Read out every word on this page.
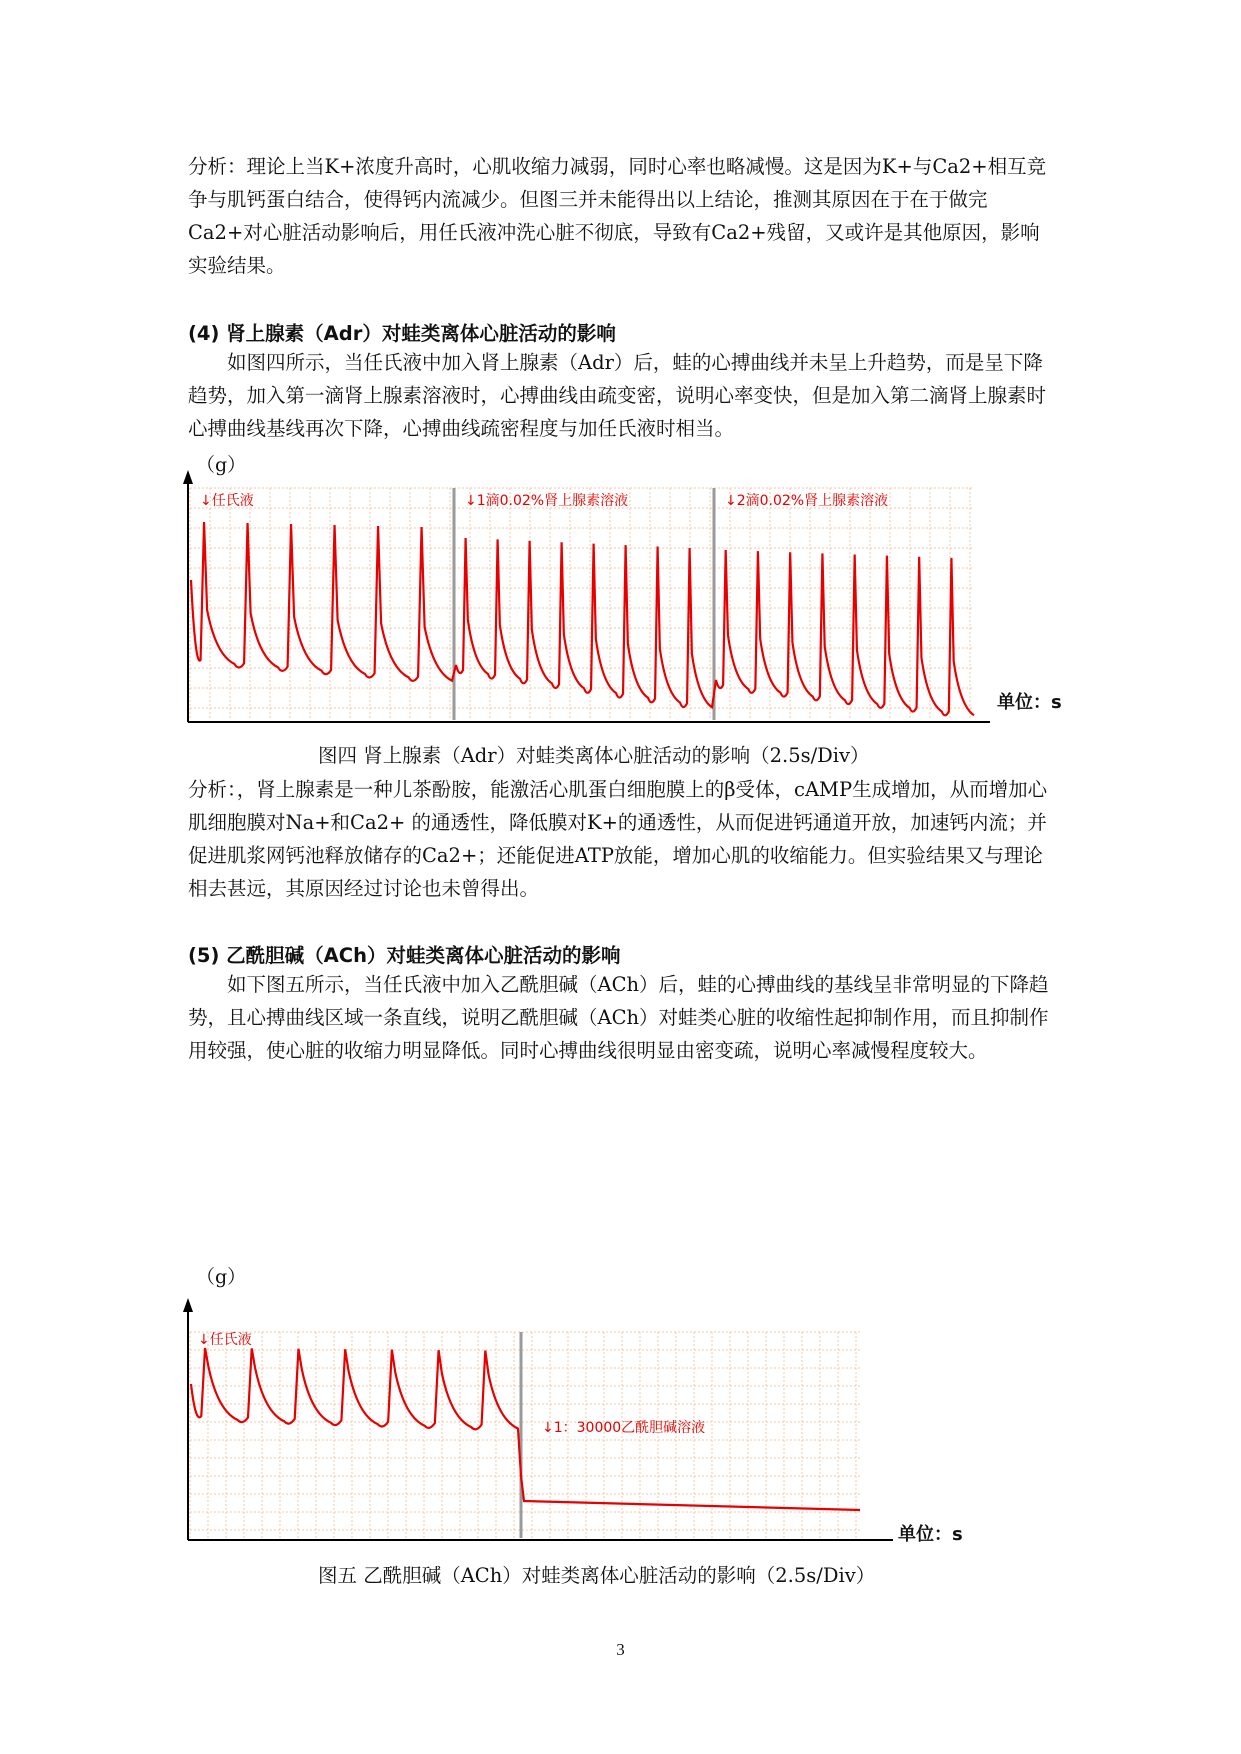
分析：理论上当K+浓度升高时，心肌收缩力减弱，同时心率也略减慢。这是因为K+与Ca2+相互竞争与肌钙蛋白结合，使得钙内流减少。但图三并未能得出以上结论，推测其原因在于在于做完Ca2+对心脏活动影响后，用任氏液冲洗心脏不彻底，导致有Ca2+残留，又或许是其他原因，影响实验结果。

(4) 肾上腺素（Adr）对蛙类离体心脏活动的影响

如图四所示，当任氏液中加入肾上腺素（Adr）后，蛙的心搏曲线并未呈上升趋势，而是呈下降趋势，加入第一滴肾上腺素溶液时，心搏曲线由疏变密，说明心率变快，但是加入第二滴肾上腺素时心搏曲线基线再次下降，心搏曲线疏密程度与加任氏液时相当。

（g）
↓任氏液	↓1滴0.02%肾上腺素溶液	↓2滴0.02%肾上腺素溶液
单位：s
图四 肾上腺素（Adr）对蛙类离体心脏活动的影响（2.5s/Div）

分析：，肾上腺素是一种儿茶酚胺，能激活心肌蛋白细胞膜上的β受体，cAMP生成增加，从而增加心肌细胞膜对Na+和Ca2+ 的通透性，降低膜对K+的通透性，从而促进钙通道开放，加速钙内流；并促进肌浆网钙池释放储存的Ca2+；还能促进ATP放能，增加心肌的收缩能力。但实验结果又与理论相去甚远，其原因经过讨论也未曾得出。

(5) 乙酰胆碱（ACh）对蛙类离体心脏活动的影响

如下图五所示，当任氏液中加入乙酰胆碱（ACh）后，蛙的心搏曲线的基线呈非常明显的下降趋势，且心搏曲线区域一条直线，说明乙酰胆碱（ACh）对蛙类心脏的收缩性起抑制作用，而且抑制作用较强，使心脏的收缩力明显降低。同时心搏曲线很明显由密变疏，说明心率减慢程度较大。

（g）
↓任氏液
↓1：30000乙酰胆碱溶液
单位：s
图五 乙酰胆碱（ACh）对蛙类离体心脏活动的影响（2.5s/Div）
3
